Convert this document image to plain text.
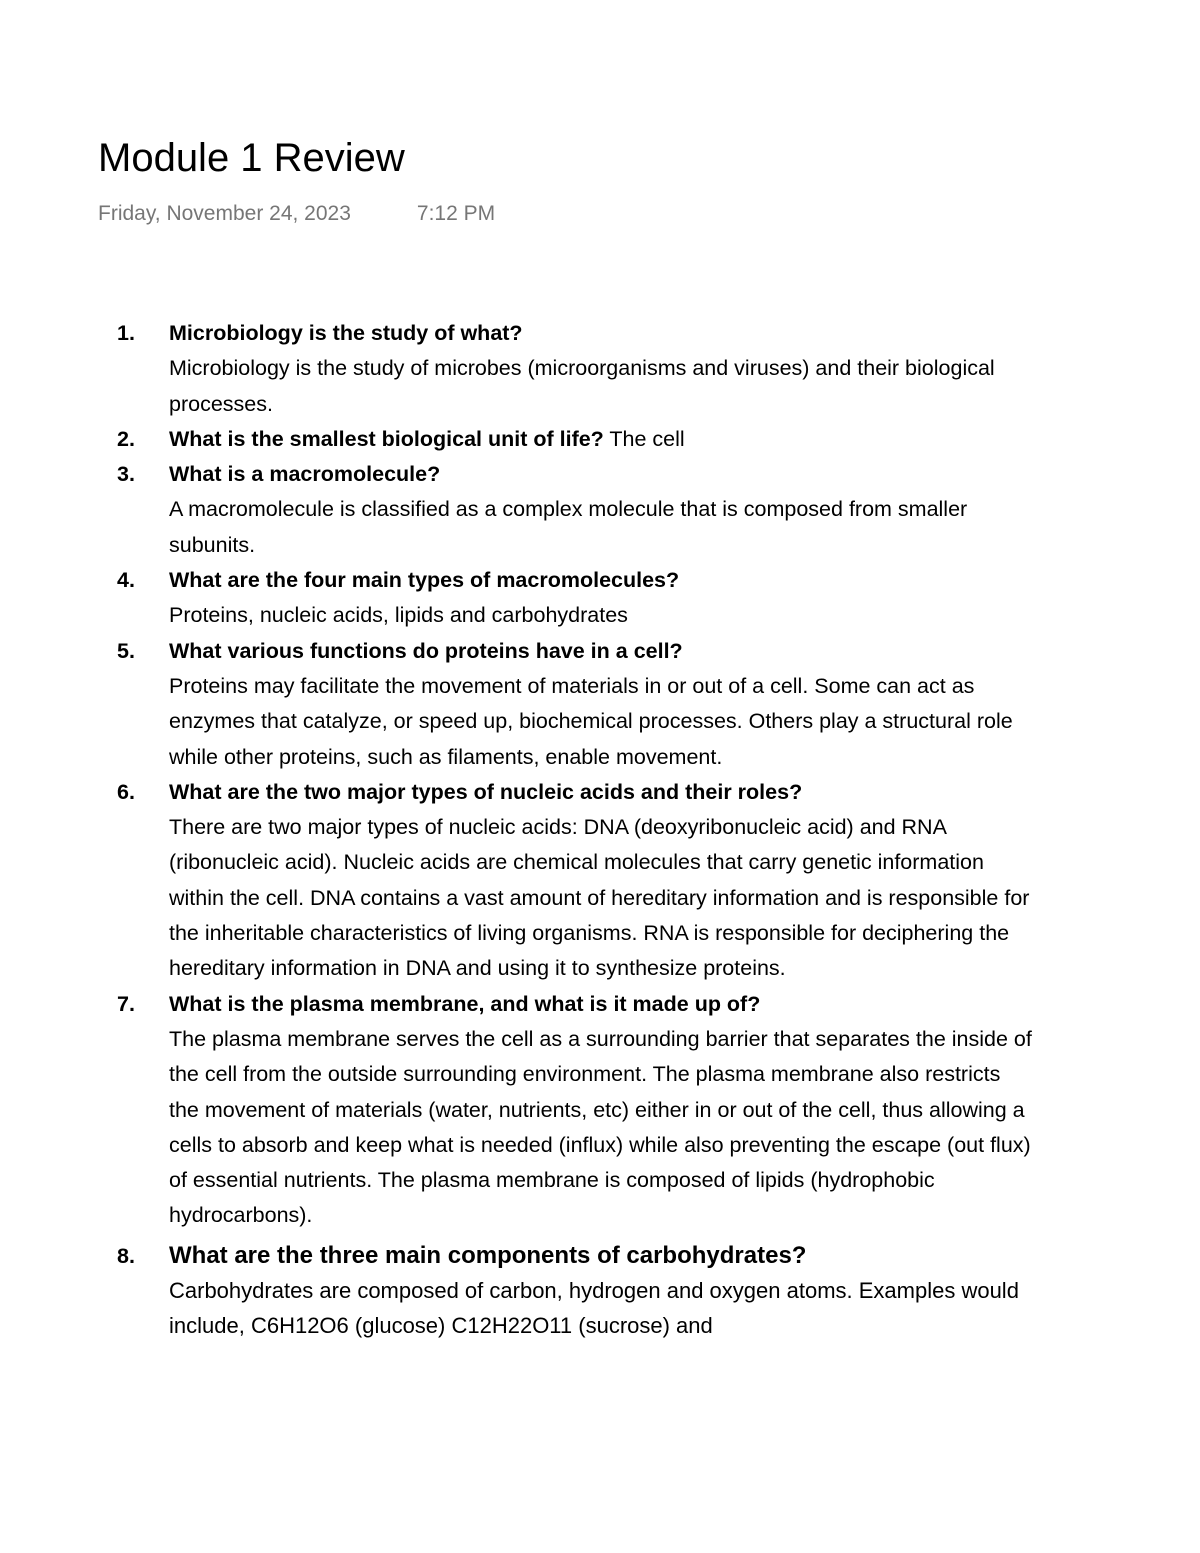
Module 1 Review
Friday, November 24, 2023	7:12 PM
1. Microbiology is the study of what?
Microbiology is the study of microbes (microorganisms and viruses) and their biological processes.
2. What is the smallest biological unit of life? The cell
3. What is a macromolecule?
A macromolecule is classified as a complex molecule that is composed from smaller subunits.
4. What are the four main types of macromolecules?
Proteins, nucleic acids, lipids and carbohydrates
5. What various functions do proteins have in a cell?
Proteins may facilitate the movement of materials in or out of a cell. Some can act as enzymes that catalyze, or speed up, biochemical processes. Others play a structural role while other proteins, such as filaments, enable movement.
6. What are the two major types of nucleic acids and their roles?
There are two major types of nucleic acids: DNA (deoxyribonucleic acid) and RNA (ribonucleic acid). Nucleic acids are chemical molecules that carry genetic information within the cell. DNA contains a vast amount of hereditary information and is responsible for the inheritable characteristics of living organisms. RNA is responsible for deciphering the hereditary information in DNA and using it to synthesize proteins.
7. What is the plasma membrane, and what is it made up of?
The plasma membrane serves the cell as a surrounding barrier that separates the inside of the cell from the outside surrounding environment. The plasma membrane also restricts the movement of materials (water, nutrients, etc) either in or out of the cell, thus allowing a cells to absorb and keep what is needed (influx) while also preventing the escape (out flux) of essential nutrients. The plasma membrane is composed of lipids (hydrophobic hydrocarbons).
8. What are the three main components of carbohydrates?
Carbohydrates are composed of carbon, hydrogen and oxygen atoms. Examples would include, C6H12O6 (glucose) C12H22O11 (sucrose) and
